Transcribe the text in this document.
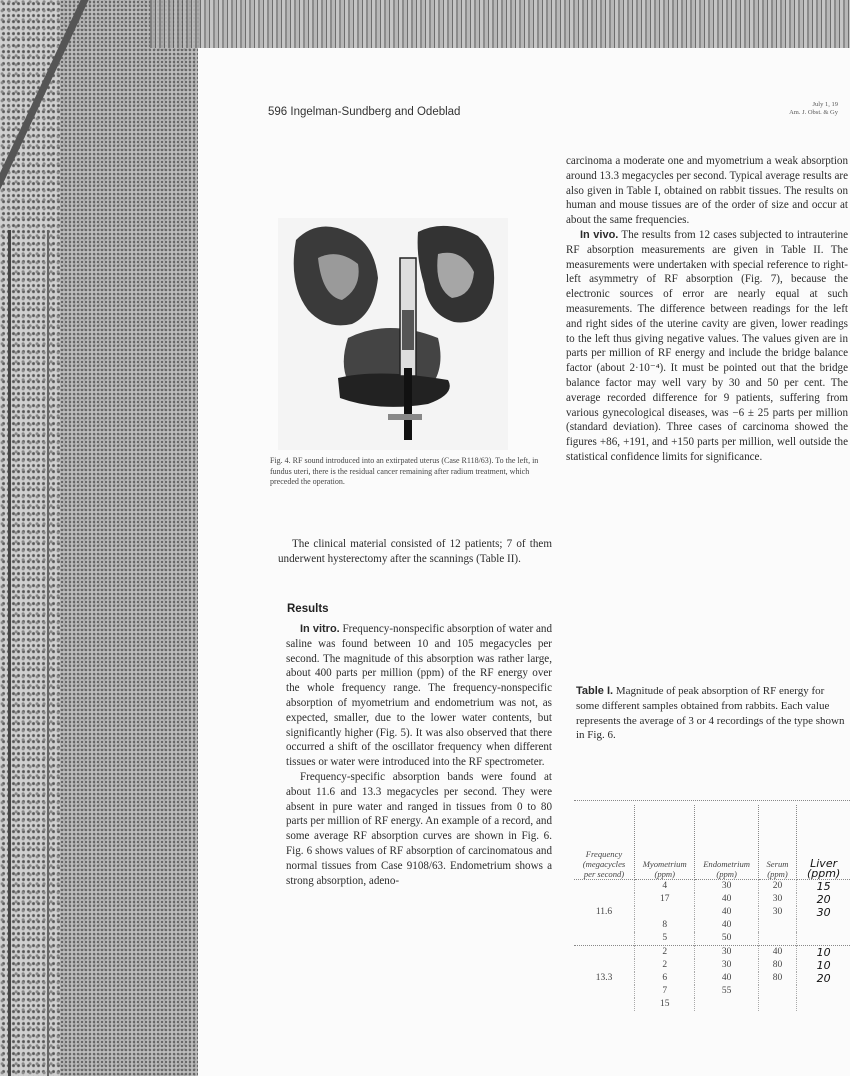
596 Ingelman-Sundberg and Odeblad
July 1, 19
Am. J. Obst. & Gy
Fig. 4. RF sound introduced into an extirpated uterus (Case R118/63). To the left, in fundus uteri, there is the residual cancer remaining after radium treatment, which preceded the operation.

The clinical material consisted of 12 patients; 7 of them underwent hysterectomy after the scannings (Table II).

Results

In vitro. Frequency-nonspecific absorption of water and saline was found between 10 and 105 megacycles per second. The magnitude of this absorption was rather large, about 400 parts per million (ppm) of the RF energy over the whole frequency range. The frequency-nonspecific absorption of myometrium and endometrium was not, as expected, smaller, due to the lower water contents, but significantly higher (Fig. 5). It was also observed that there occurred a shift of the oscillator frequency when different tissues or water were introduced into the RF spectrometer.

Frequency-specific absorption bands were found at about 11.6 and 13.3 megacycles per second. They were absent in pure water and ranged in tissues from 0 to 80 parts per million of RF energy. An example of a record, and some average RF absorption curves are shown in Fig. 6. Fig. 6 shows values of RF absorption of carcinomatous and normal tissues from Case 9108/63. Endometrium shows a strong absorption, adeno-

carcinoma a moderate one and myometrium a weak absorption around 13.3 megacycles per second. Typical average results are also given in Table I, obtained on rabbit tissues. The results on human and mouse tissues are of the order of size and occur at about the same frequencies.

In vivo. The results from 12 cases subjected to intrauterine RF absorption measurements are given in Table II. The measurements were undertaken with special reference to right-left asymmetry of RF absorption (Fig. 7), because the electronic sources of error are nearly equal at such measurements. The difference between readings for the left and right sides of the uterine cavity are given, lower readings to the left thus giving negative values. The values given are in parts per million of RF energy and include the bridge balance factor (about 2·10⁻⁴). It must be pointed out that the bridge balance factor may well vary by 30 and 50 per cent. The average recorded difference for 9 patients, suffering from various gynecological diseases, was −6 ± 25 parts per million (standard deviation). Three cases of carcinoma showed the figures +86, +191, and +150 parts per million, well outside the statistical confidence limits for significance.

Table I. Magnitude of peak absorption of RF energy for some different samples obtained from rabbits. Each value represents the average of 3 or 4 recordings of the type shown in Fig. 6.
Frequency (megacycles per second)	Myometrium (ppm)	Endometrium (ppm)	Serum (ppm)	Liver (ppm)
	4	30	20	15
	17	40	30	20
11.6		40	30	30
	8	40		
	5	50		
	2	30	40	10
	2	30	80	10
13.3	6	40	80	20
	7	55		
	15			
